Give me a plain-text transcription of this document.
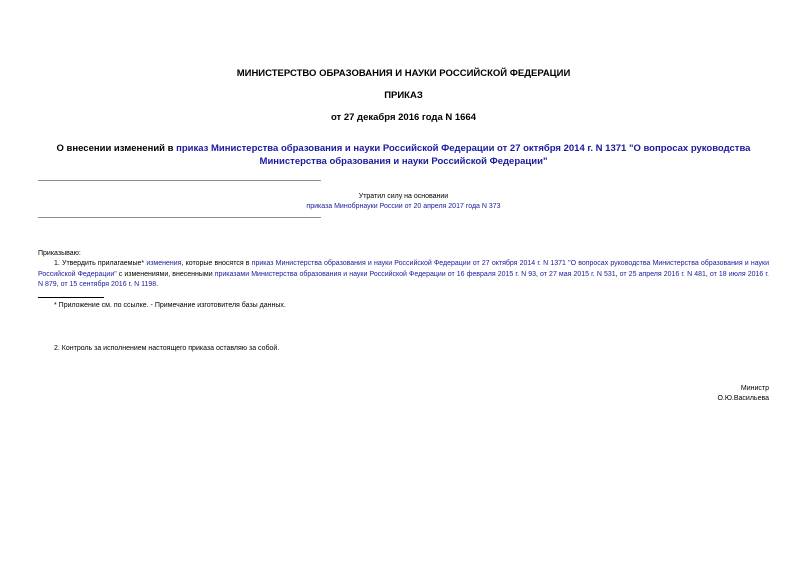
МИНИСТЕРСТВО ОБРАЗОВАНИЯ И НАУКИ РОССИЙСКОЙ ФЕДЕРАЦИИ
ПРИКАЗ
от 27 декабря 2016 года N 1664
О внесении изменений в приказ Министерства образования и науки Российской Федерации от 27 октября 2014 г. N 1371 "О вопросах руководства Министерства образования и науки Российской Федерации"
Утратил силу на основании
приказа Минобрнауки России от 20 апреля 2017 года N 373
Приказываю:
1. Утвердить прилагаемые* изменения, которые вносятся в приказ Министерства образования и науки Российской Федерации от 27 октября 2014 г. N 1371 "О вопросах руководства Министерства образования и науки Российской Федерации" с изменениями, внесенными приказами Министерства образования и науки Российской Федерации от 16 февраля 2015 г. N 93, от 27 мая 2015 г. N 531, от 25 апреля 2016 г. N 481, от 18 июля 2016 г. N 879, от 15 сентября 2016 г. N 1198.
* Приложение см. по ссылке. - Примечание изготовителя базы данных.
2. Контроль за исполнением настоящего приказа оставляю за собой.
Министр
О.Ю.Васильева
